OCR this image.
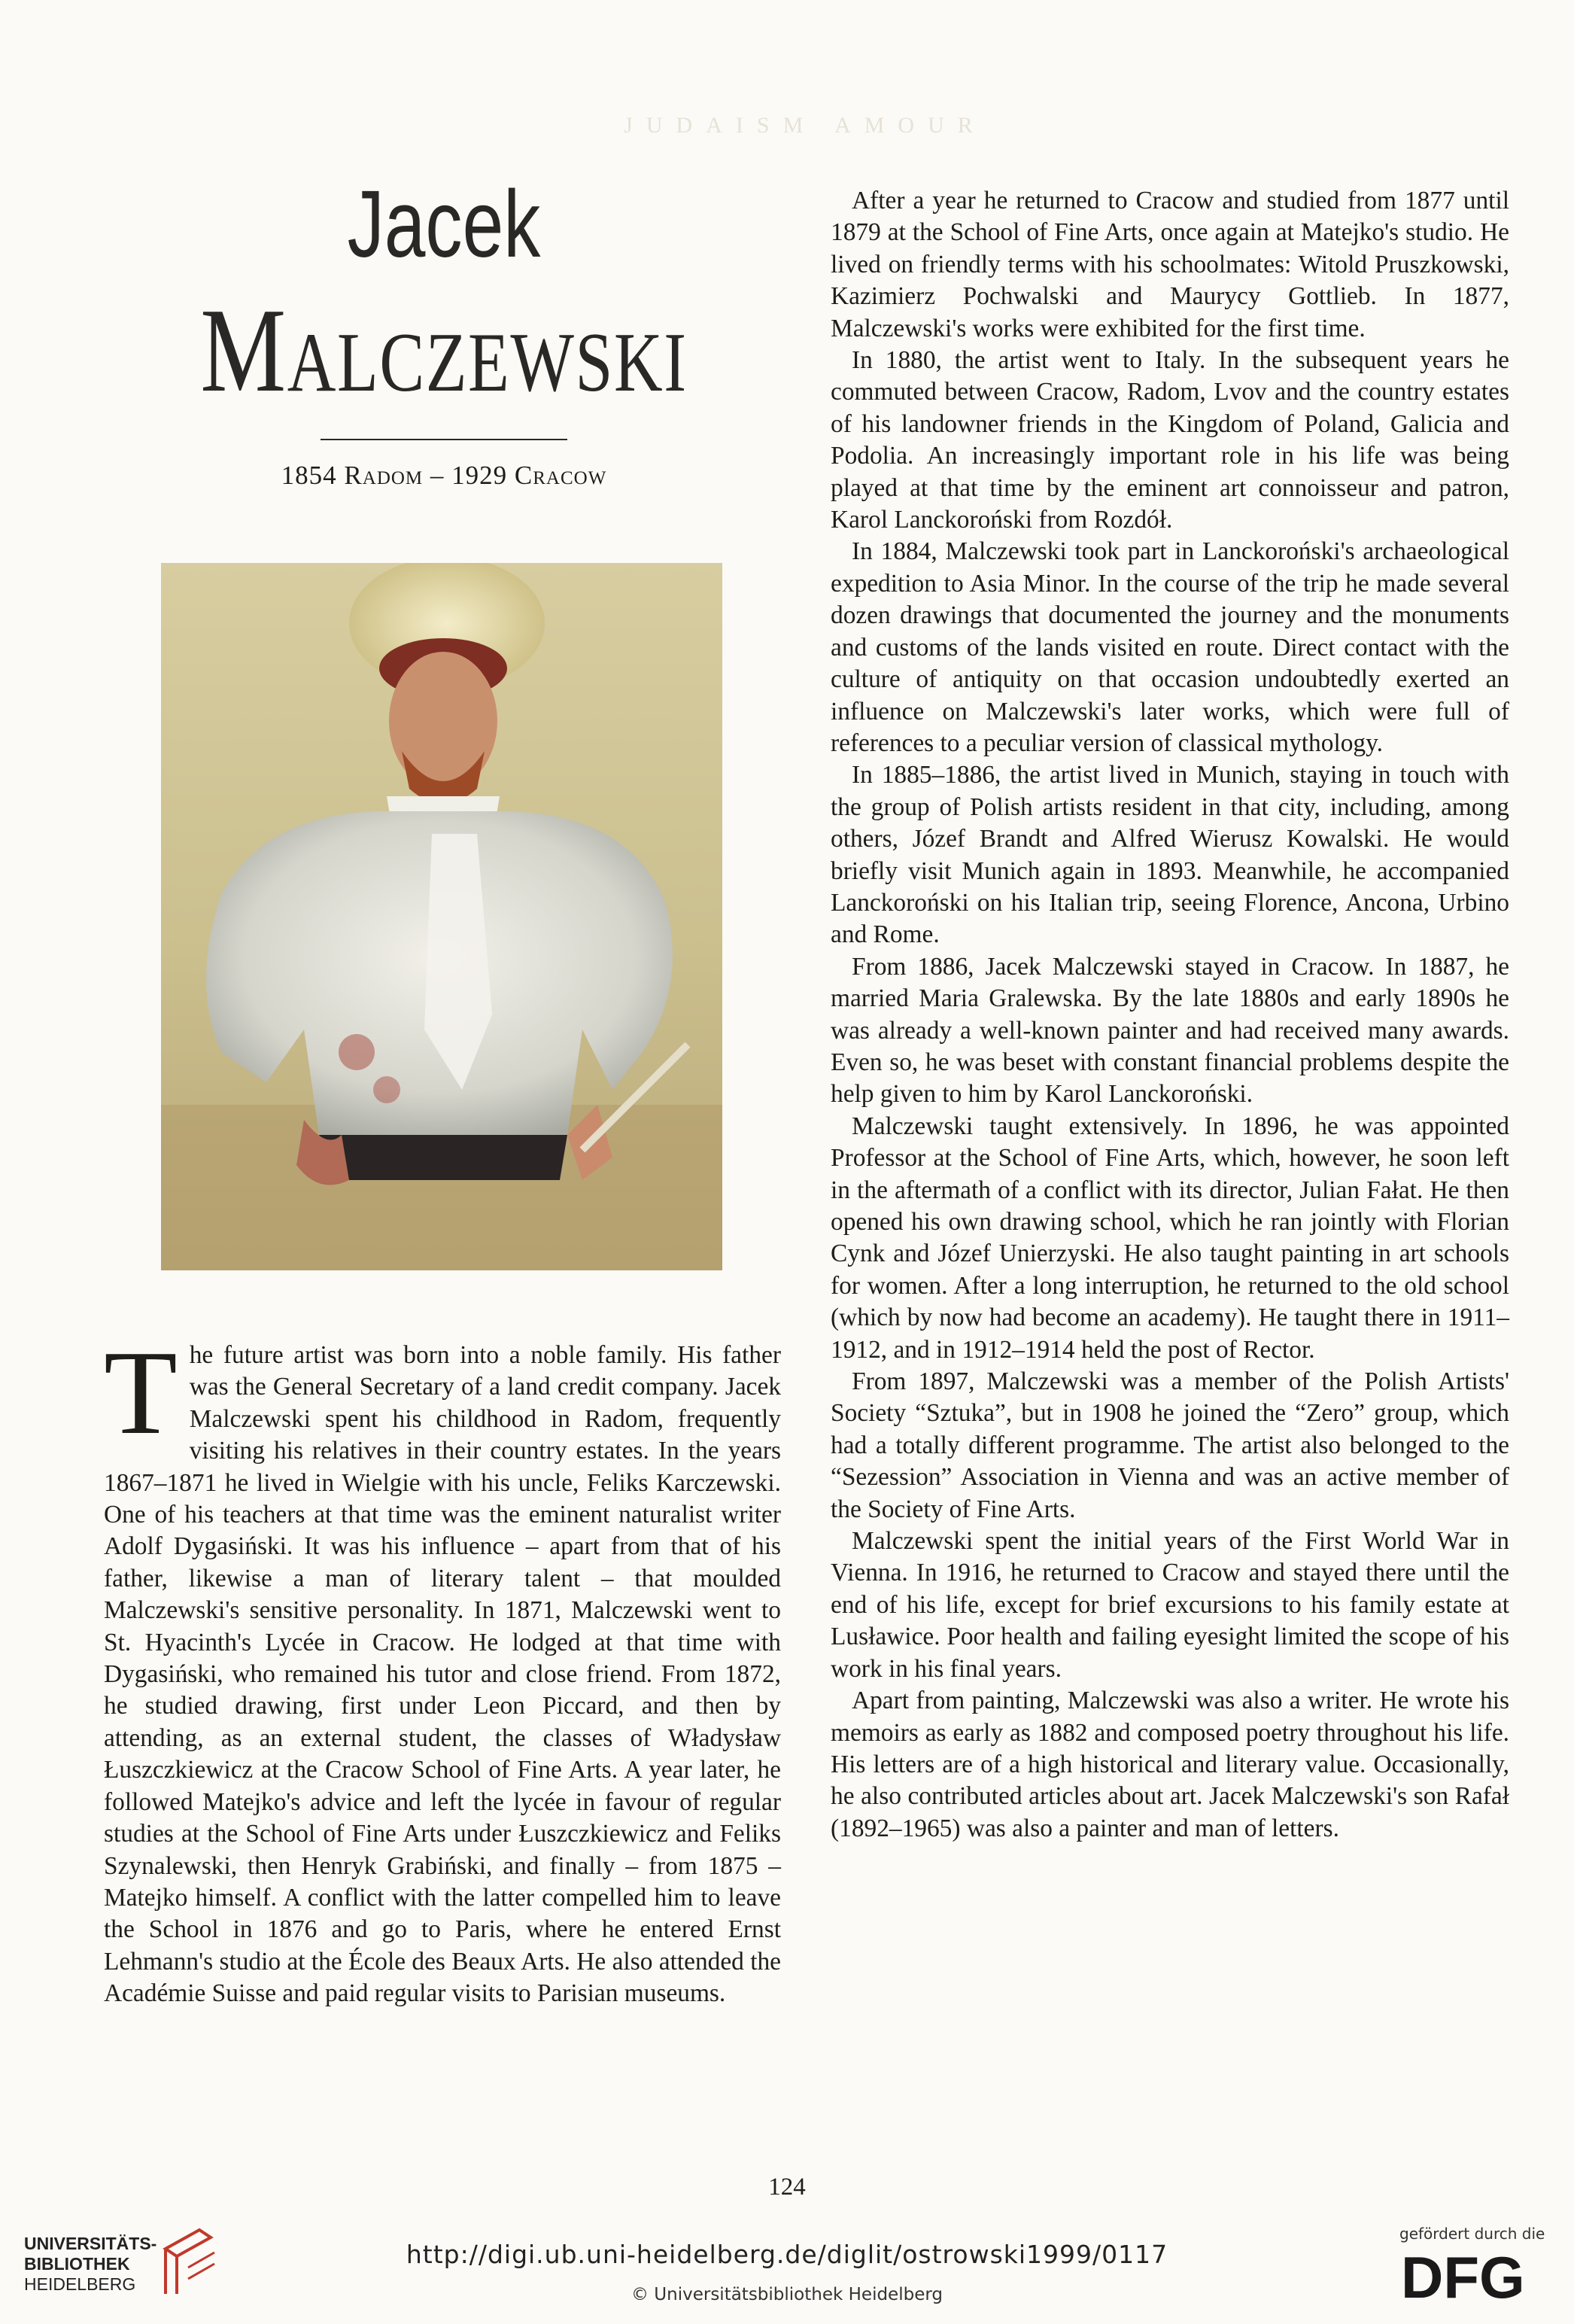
JUDAISM AMOUR
Jacek
Malczewski
1854 Radom – 1929 Cracow
T he future artist was born into a noble family. His father was the General Secretary of a land credit company. Jacek Malczewski spent his childhood in Radom, frequently visiting his relatives in their country estates. In the years 1867–1871 he lived in Wielgie with his uncle, Feliks Karczewski. One of his teachers at that time was the eminent naturalist writer Adolf Dygasiński. It was his influence – apart from that of his father, likewise a man of literary talent – that moulded Malczewski's sensitive personality. In 1871, Malczewski went to St. Hyacinth's Lycée in Cracow. He lodged at that time with Dygasiński, who remained his tutor and close friend. From 1872, he studied drawing, first under Leon Piccard, and then by attending, as an external student, the classes of Władysław Łuszczkiewicz at the Cracow School of Fine Arts. A year later, he followed Matejko's advice and left the lycée in favour of regular studies at the School of Fine Arts under Łuszczkiewicz and Feliks Szynalewski, then Henryk Grabiński, and finally – from 1875 – Matejko himself. A conflict with the latter compelled him to leave the School in 1876 and go to Paris, where he entered Ernst Lehmann's studio at the École des Beaux Arts. He also attended the Académie Suisse and paid regular visits to Parisian museums.

After a year he returned to Cracow and studied from 1877 until 1879 at the School of Fine Arts, once again at Matejko's studio. He lived on friendly terms with his schoolmates: Witold Pruszkowski, Kazimierz Pochwalski and Maurycy Gottlieb. In 1877, Malczewski's works were exhibited for the first time.

In 1880, the artist went to Italy. In the subsequent years he commuted between Cracow, Radom, Lvov and the country estates of his landowner friends in the Kingdom of Poland, Galicia and Podolia. An increasingly important role in his life was being played at that time by the eminent art connoisseur and patron, Karol Lanckoroński from Rozdół.

In 1884, Malczewski took part in Lanckoroński's archaeological expedition to Asia Minor. In the course of the trip he made several dozen drawings that documented the journey and the monuments and customs of the lands visited en route. Direct contact with the culture of antiquity on that occasion undoubtedly exerted an influence on Malczewski's later works, which were full of references to a peculiar version of classical mythology.

In 1885–1886, the artist lived in Munich, staying in touch with the group of Polish artists resident in that city, including, among others, Józef Brandt and Alfred Wierusz Kowalski. He would briefly visit Munich again in 1893. Meanwhile, he accompanied Lanckoroński on his Italian trip, seeing Florence, Ancona, Urbino and Rome.

From 1886, Jacek Malczewski stayed in Cracow. In 1887, he married Maria Gralewska. By the late 1880s and early 1890s he was already a well-known painter and had received many awards. Even so, he was beset with constant financial problems despite the help given to him by Karol Lanckoroński.

Malczewski taught extensively. In 1896, he was appointed Professor at the School of Fine Arts, which, however, he soon left in the aftermath of a conflict with its director, Julian Fałat. He then opened his own drawing school, which he ran jointly with Florian Cynk and Józef Unierzyski. He also taught painting in art schools for women. After a long interruption, he returned to the old school (which by now had become an academy). He taught there in 1911–1912, and in 1912–1914 held the post of Rector.

From 1897, Malczewski was a member of the Polish Artists' Society “Sztuka”, but in 1908 he joined the “Zero” group, which had a totally different programme. The artist also belonged to the “Sezession” Association in Vienna and was an active member of the Society of Fine Arts.

Malczewski spent the initial years of the First World War in Vienna. In 1916, he returned to Cracow and stayed there until the end of his life, except for brief excursions to his family estate at Lusławice. Poor health and failing eyesight limited the scope of his work in his final years.

Apart from painting, Malczewski was also a writer. He wrote his memoirs as early as 1882 and composed poetry throughout his life. His letters are of a high historical and literary value. Occasionally, he also contributed articles about art. Jacek Malczewski's son Rafał (1892–1965) was also a painter and man of letters.

124
UNIVERSITÄTS-
BIBLIOTHEK
HEIDELBERG
http://digi.ub.uni-heidelberg.de/diglit/ostrowski1999/0117
© Universitätsbibliothek Heidelberg
gefördert durch die
DFG
